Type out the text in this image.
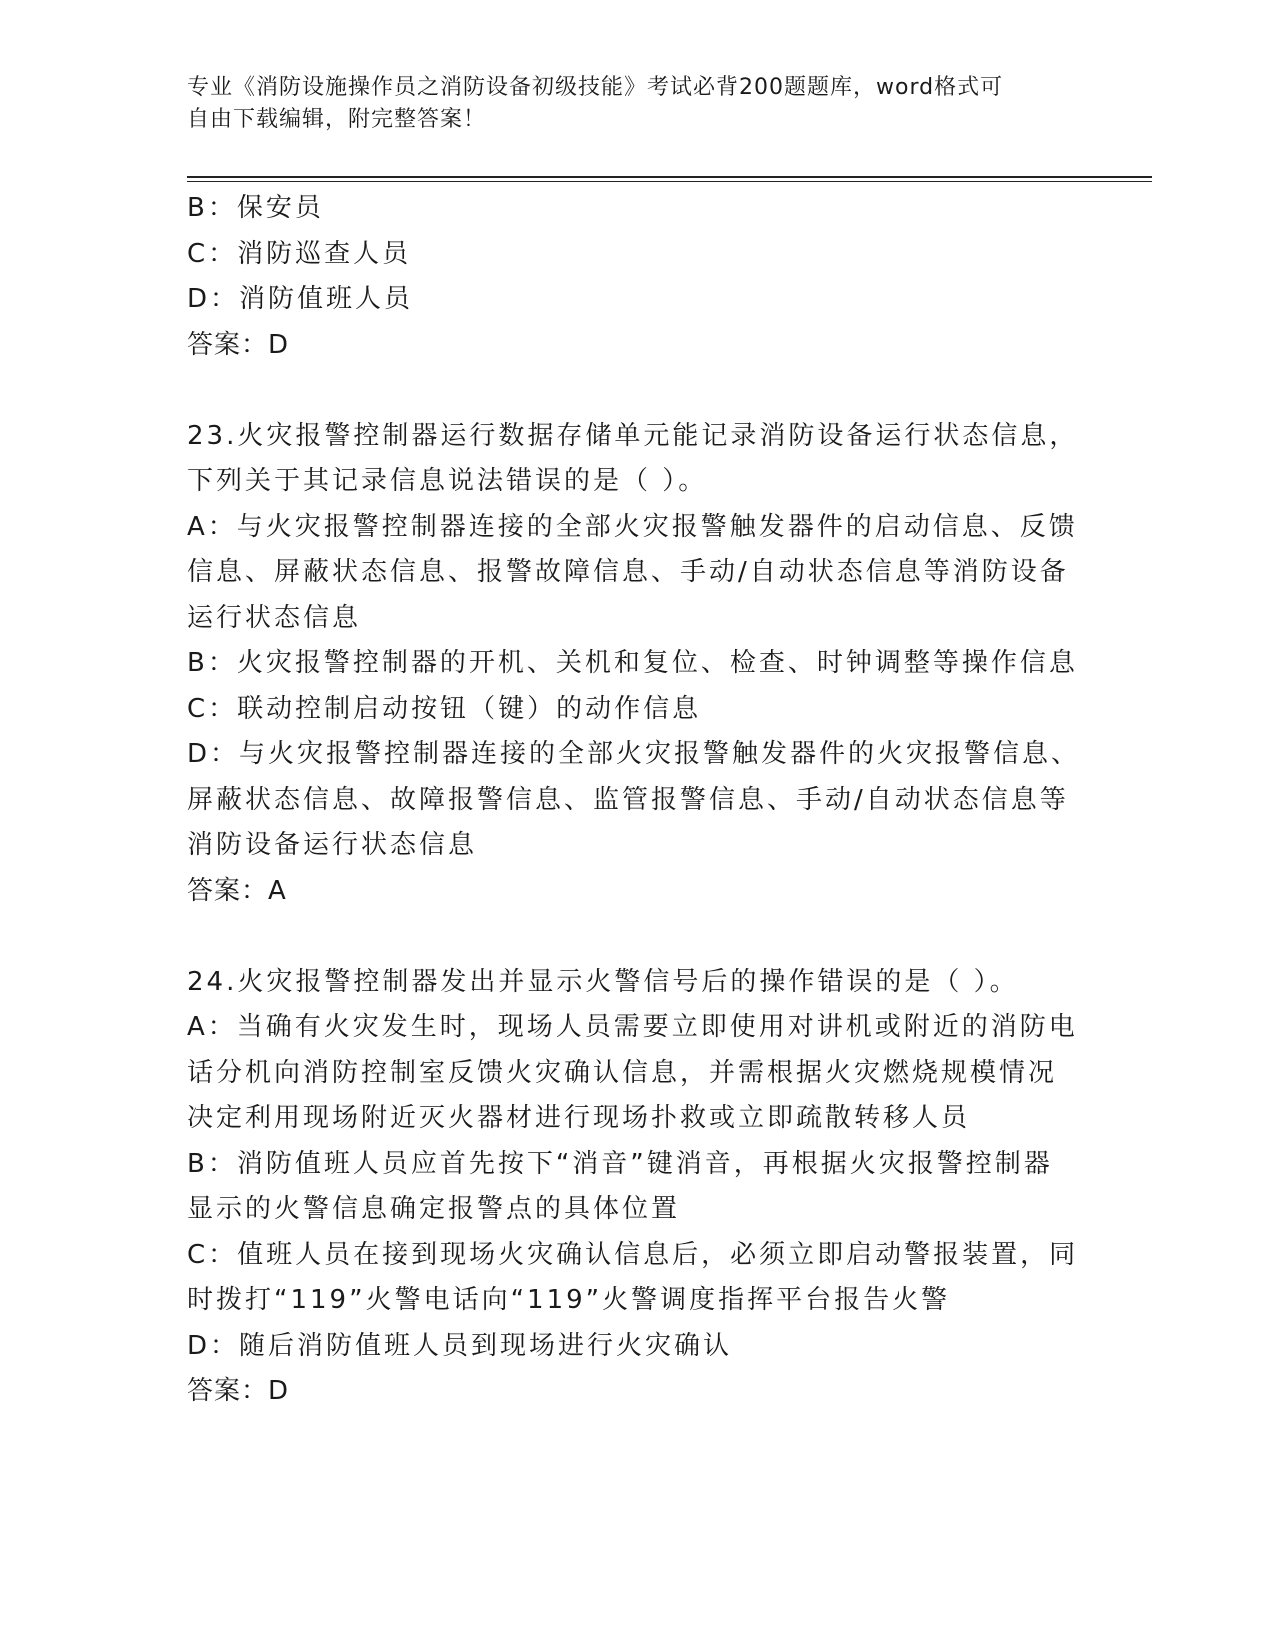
专业《消防设施操作员之消防设备初级技能》考试必背200题题库，word格式可
自由下载编辑，附完整答案！
B：保安员
C：消防巡查人员
D：消防值班人员
答案：D
23.火灾报警控制器运行数据存储单元能记录消防设备运行状态信息，
下列关于其记录信息说法错误的是（ ）。
A：与火灾报警控制器连接的全部火灾报警触发器件的启动信息、反馈
信息、屏蔽状态信息、报警故障信息、手动/自动状态信息等消防设备
运行状态信息
B：火灾报警控制器的开机、关机和复位、检查、时钟调整等操作信息
C：联动控制启动按钮（键）的动作信息
D：与火灾报警控制器连接的全部火灾报警触发器件的火灾报警信息、
屏蔽状态信息、故障报警信息、监管报警信息、手动/自动状态信息等
消防设备运行状态信息
答案：A
24.火灾报警控制器发出并显示火警信号后的操作错误的是（ ）。
A：当确有火灾发生时，现场人员需要立即使用对讲机或附近的消防电
话分机向消防控制室反馈火灾确认信息，并需根据火灾燃烧规模情况
决定利用现场附近灭火器材进行现场扑救或立即疏散转移人员
B：消防值班人员应首先按下“消音”键消音，再根据火灾报警控制器
显示的火警信息确定报警点的具体位置
C：值班人员在接到现场火灾确认信息后，必须立即启动警报装置，同
时拨打“119”火警电话向“119”火警调度指挥平台报告火警
D：随后消防值班人员到现场进行火灾确认
答案：D
